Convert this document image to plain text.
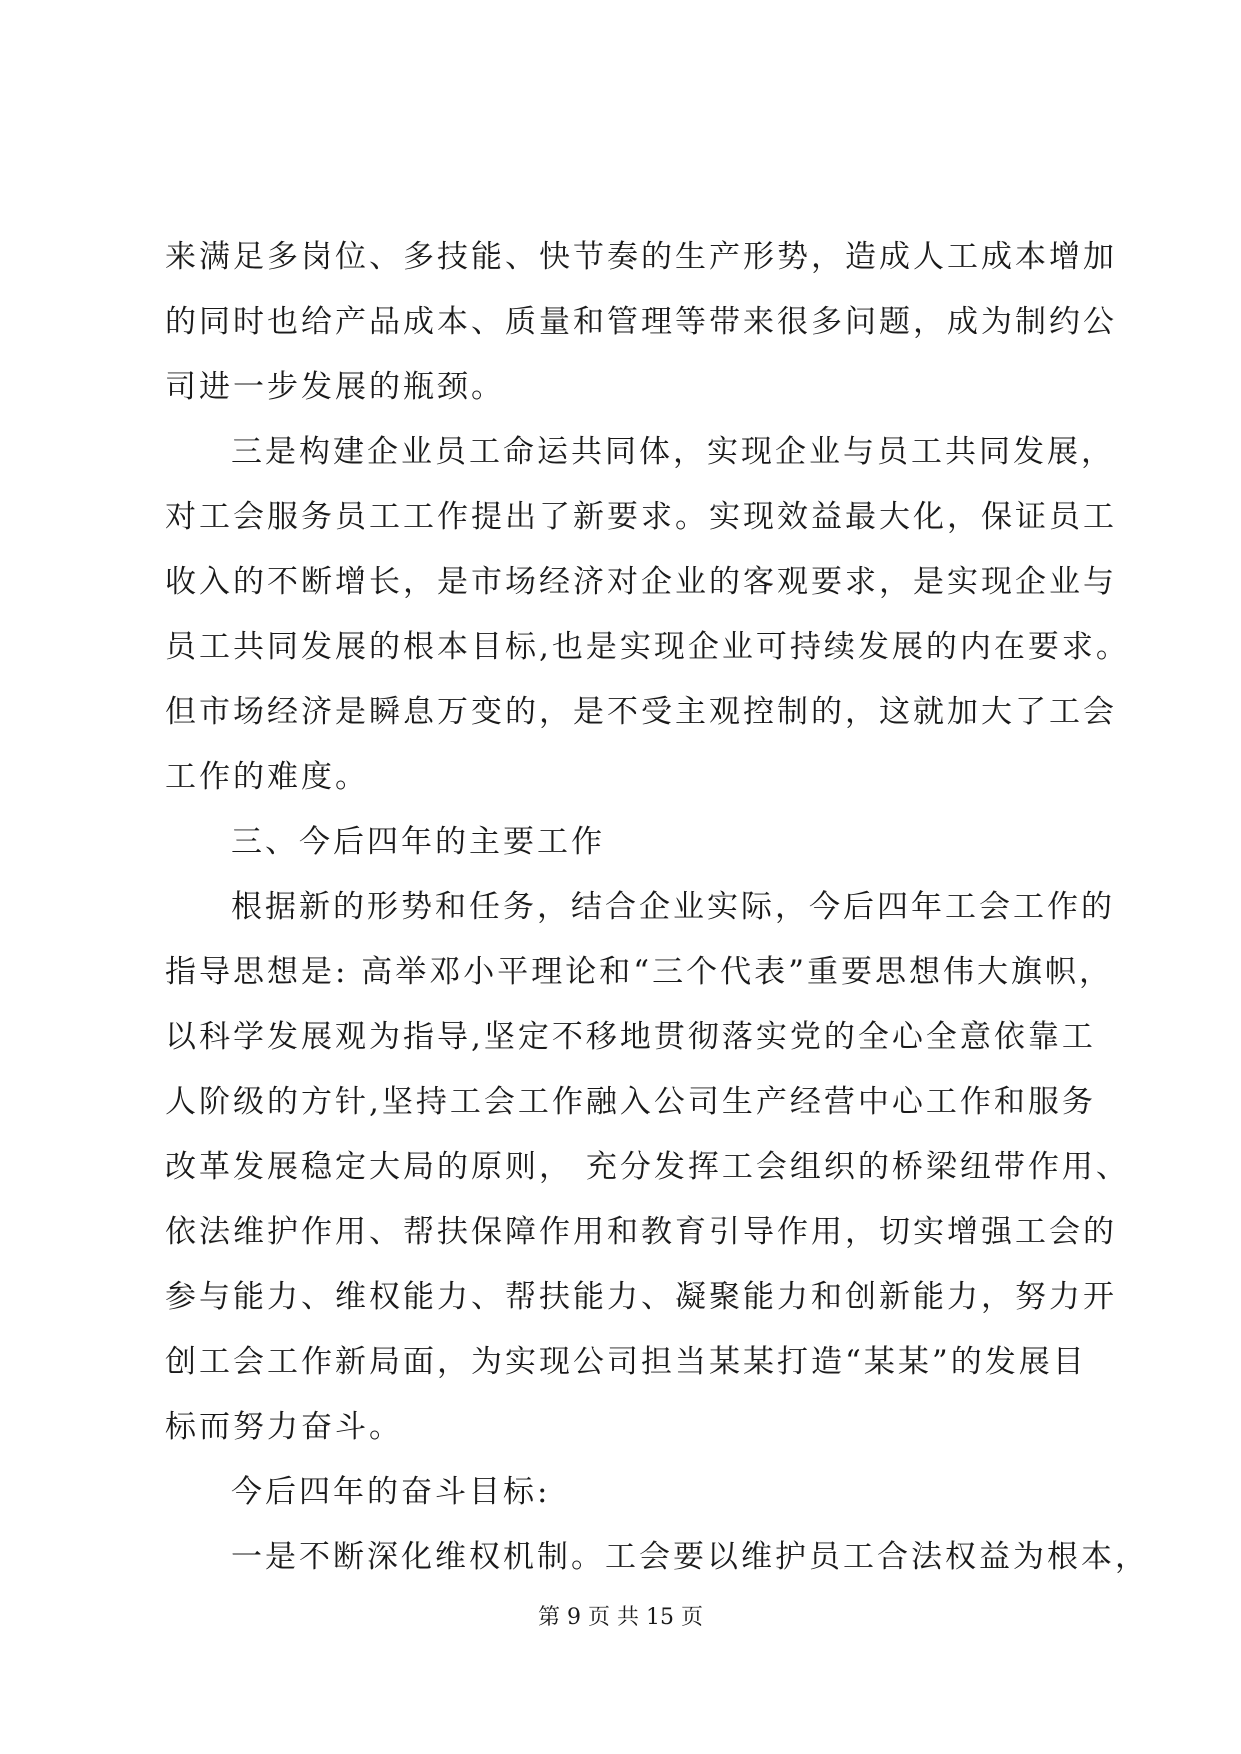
来满足多岗位、多技能、快节奏的生产形势，造成人工成本增加
的同时也给产品成本、质量和管理等带来很多问题，成为制约公
司进一步发展的瓶颈。
三是构建企业员工命运共同体，实现企业与员工共同发展，
对工会服务员工工作提出了新要求。实现效益最大化，保证员工
收入的不断增长，是市场经济对企业的客观要求，是实现企业与
员工共同发展的根本目标,也是实现企业可持续发展的内在要求。
但市场经济是瞬息万变的，是不受主观控制的，这就加大了工会
工作的难度。
三、今后四年的主要工作
根据新的形势和任务，结合企业实际，今后四年工会工作的
指导思想是: 高举邓小平理论和“三个代表”重要思想伟大旗帜，
以科学发展观为指导,坚定不移地贯彻落实党的全心全意依靠工
人阶级的方针,坚持工会工作融入公司生产经营中心工作和服务
改革发展稳定大局的原则， 充分发挥工会组织的桥梁纽带作用、
依法维护作用、帮扶保障作用和教育引导作用，切实增强工会的
参与能力、维权能力、帮扶能力、凝聚能力和创新能力，努力开
创工会工作新局面，为实现公司担当某某打造“某某”的发展目
标而努力奋斗。
今后四年的奋斗目标:
一是不断深化维权机制。工会要以维护员工合法权益为根本，
第 9 页 共 15 页
